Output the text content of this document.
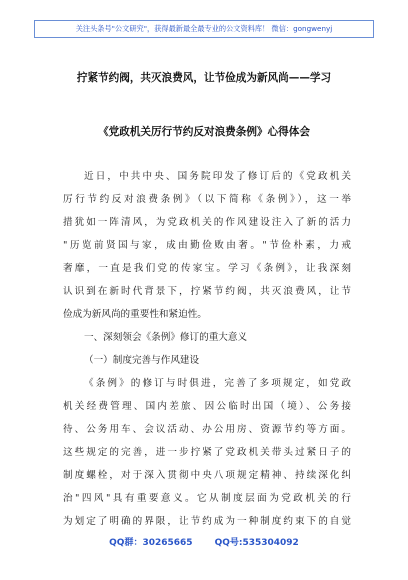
关注头条号"公文研究"，获得最新最全最专业的公文资料库！ 微信：gongwenyj
拧紧节约阀，共灭浪费风，让节俭成为新风尚——学习
《党政机关厉行节约反对浪费条例》心得体会
近日，中共中央、国务院印发了修订后的《党政机关
厉行节约反对浪费条例》（以下简称《条例》），这一举
措犹如一阵清风，为党政机关的作风建设注入了新的活力
"历览前贤国与家，成由勤俭败由奢。"节俭朴素，力戒
奢靡，一直是我们党的传家宝。学习《条例》，让我深刻
认识到在新时代背景下，拧紧节约阀，共灭浪费风，让节
俭成为新风尚的重要性和紧迫性。
一、深刻领会《条例》修订的重大意义
（一）制度完善与作风建设
《条例》的修订与时俱进，完善了多项规定，如党政
机关经费管理、国内差旅、因公临时出国（境）、公务接
待、公务用车、会议活动、办公用房、资源节约等方面。
这些规定的完善，进一步拧紧了党政机关带头过紧日子的
制度螺栓，对于深入贯彻中央八项规定精神、持续深化纠
治"四风"具有重要意义。它从制度层面为党政机关的行
为划定了明确的界限，让节约成为一种制度约束下的自觉
QQ群：30265665 QQ号:535304092
